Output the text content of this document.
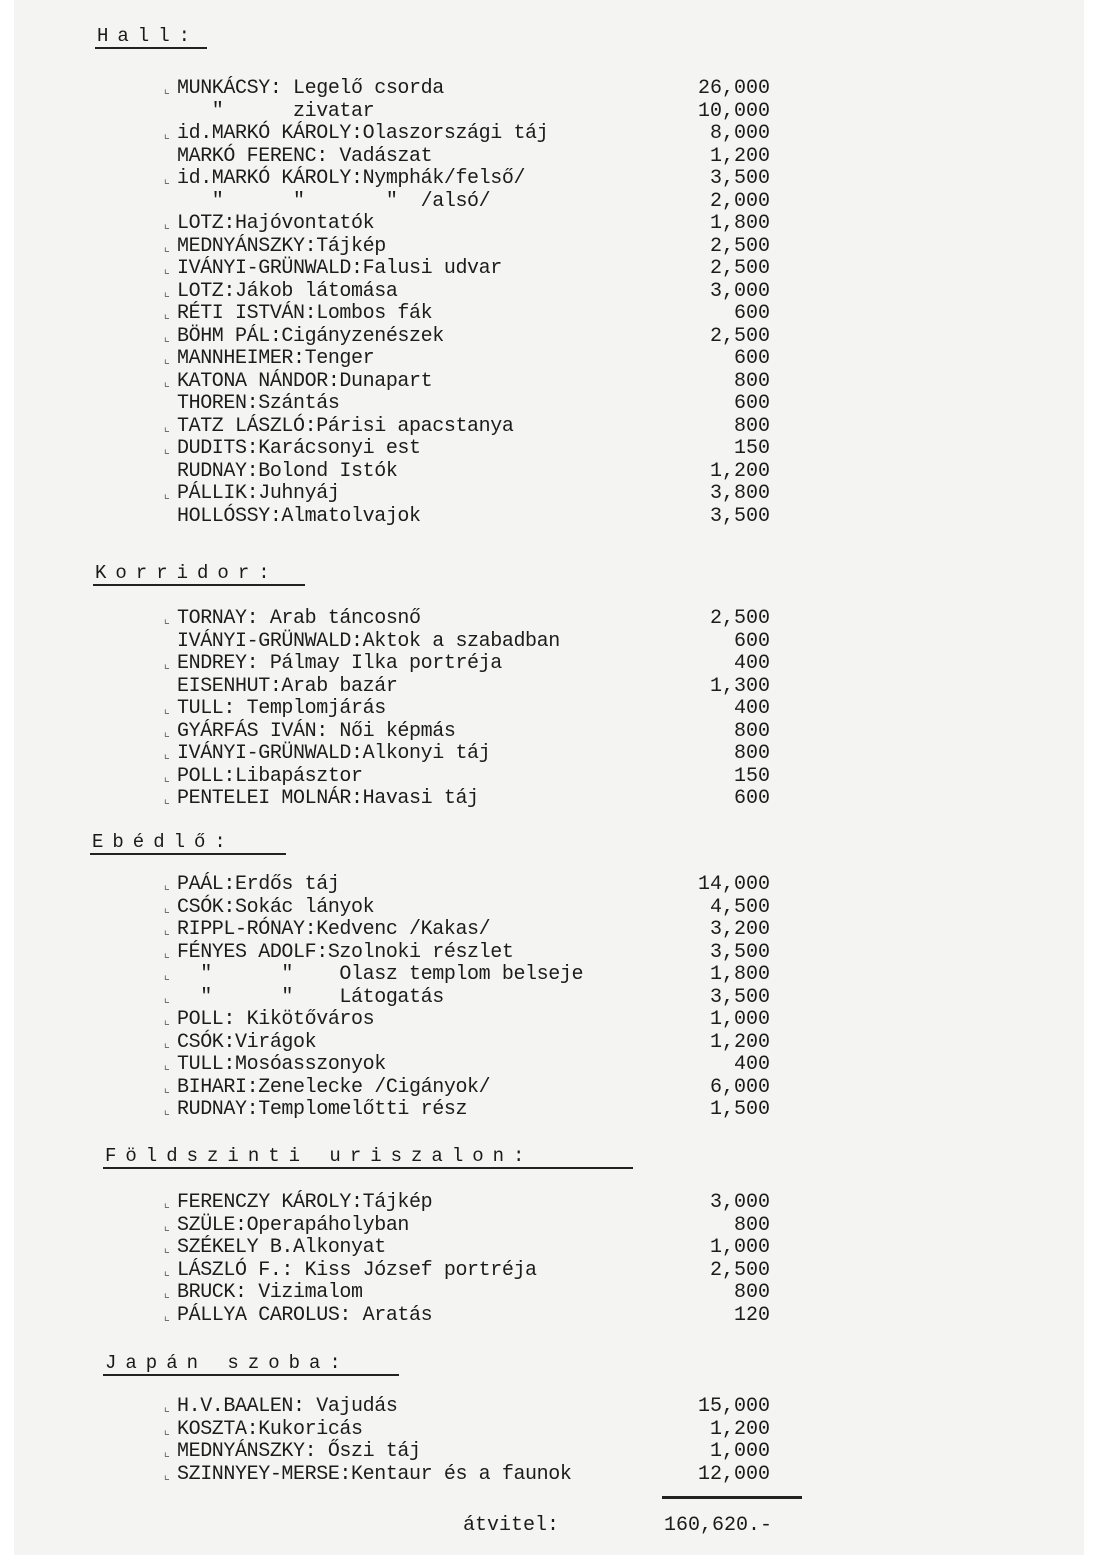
Hall:
⌞ MUNKÁCSY: Legelő csorda	26,000
"      zivatar	10,000
⌞ id.MARKÓ KÁROLY:Olaszországi táj	8,000
MARKÓ FERENC: Vadászat	1,200
⌞ id.MARKÓ KÁROLY:Nymphák/felső/	3,500
"      "       "  /alsó/	2,000
⌞ LOTZ:Hajóvontatók	1,800
⌞ MEDNYÁNSZKY:Tájkép	2,500
⌞ IVÁNYI-GRÜNWALD:Falusi udvar	2,500
⌞ LOTZ:Jákob látomása	3,000
⌞ RÉTI ISTVÁN:Lombos fák	600
⌞ BÖHM PÁL:Cigányzenészek	2,500
⌞ MANNHEIMER:Tenger	600
⌞ KATONA NÁNDOR:Dunapart	800
THOREN:Szántás	600
⌞ TATZ LÁSZLÓ:Párisi apacstanya	800
⌞ DUDITS:Karácsonyi est	150
RUDNAY:Bolond Istók	1,200
⌞ PÁLLIK:Juhnyáj	3,800
HOLLÓSSY:Almatolvajok	3,500
Korridor:
⌞ TORNAY: Arab táncosnő	2,500
IVÁNYI-GRÜNWALD:Aktok a szabadban	600
⌞ ENDREY: Pálmay Ilka portréja	400
EISENHUT:Arab bazár	1,300
⌞ TULL: Templomjárás	400
⌞ GYÁRFÁS IVÁN: Női képmás	800
⌞ IVÁNYI-GRÜNWALD:Alkonyi táj	800
⌞ POLL:Libapásztor	150
⌞ PENTELEI MOLNÁR:Havasi táj	600
Ebédlő:
⌞ PAÁL:Erdős táj	14,000
⌞ CSÓK:Sokác lányok	4,500
⌞ RIPPL-RÓNAY:Kedvenc /Kakas/	3,200
⌞ FÉNYES ADOLF:Szolnoki részlet	3,500
⌞ "      "    Olasz templom belseje	1,800
⌞ "      "    Látogatás	3,500
⌞ POLL: Kikötőváros	1,000
⌞ CSÓK:Virágok	1,200
⌞ TULL:Mosóasszonyok	400
⌞ BIHARI:Zenelecke /Cigányok/	6,000
⌞ RUDNAY:Templomelőtti rész	1,500
Földszinti uriszalon:
⌞ FERENCZY KÁROLY:Tájkép	3,000
⌞ SZÜLE:Operapáholyban	800
⌞ SZÉKELY B.Alkonyat	1,000
⌞ LÁSZLÓ F.: Kiss József portréja	2,500
⌞ BRUCK: Vizimalom	800
⌞ PÁLLYA CAROLUS: Aratás	120
Japán szoba:
⌞ H.V.BAALEN: Vajudás	15,000
⌞ KOSZTA:Kukoricás	1,200
⌞ MEDNYÁNSZKY: Őszi táj	1,000
⌞ SZINNYEY-MERSE:Kentaur és a faunok	12,000
átvitel:	160,620.-
